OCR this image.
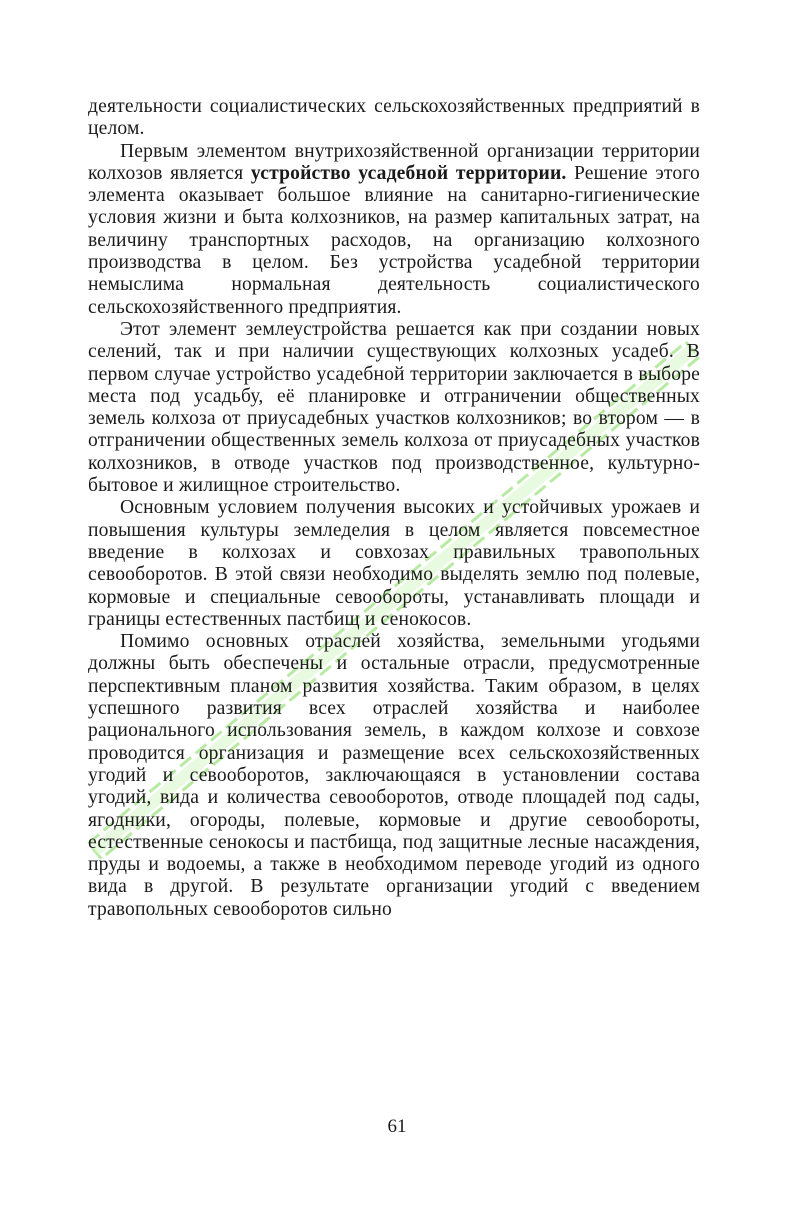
деятельности социалистических сельскохозяйственных предприятий в целом.

Первым элементом внутрихозяйственной организации территории колхозов является устройство усадебной территории. Решение этого элемента оказывает большое влияние на санитарно-гигиенические условия жизни и быта колхозников, на размер капитальных затрат, на величину транспортных расходов, на организацию колхозного производства в целом. Без устройства усадебной территории немыслима нормальная деятельность социалистического сельскохозяйственного предприятия.

Этот элемент землеустройства решается как при создании новых селений, так и при наличии существующих колхозных усадеб. В первом случае устройство усадебной территории заключается в выборе места под усадьбу, её планировке и отграничении общественных земель колхоза от приусадебных участков колхозников; во втором — в отграничении общественных земель колхоза от приусадебных участков колхозников, в отводе участков под производственное, культурно-бытовое и жилищное строительство.

Основным условием получения высоких и устойчивых урожаев и повышения культуры земледелия в целом является повсеместное введение в колхозах и совхозах правильных травопольных севооборотов. В этой связи необходимо выделять землю под полевые, кормовые и специальные севообороты, устанавливать площади и границы естественных пастбищ и сенокосов.

Помимо основных отраслей хозяйства, земельными угодьями должны быть обеспечены и остальные отрасли, предусмотренные перспективным планом развития хозяйства. Таким образом, в целях успешного развития всех отраслей хозяйства и наиболее рационального использования земель, в каждом колхозе и совхозе проводится организация и размещение всех сельскохозяйственных угодий и севооборотов, заключающаяся в установлении состава угодий, вида и количества севооборотов, отводе площадей под сады, ягодники, огороды, полевые, кормовые и другие севообороты, естественные сенокосы и пастбища, под защитные лесные насаждения, пруды и водоемы, а также в необходимом переводе угодий из одного вида в другой. В результате организации угодий с введением травопольных севооборотов сильно

61
